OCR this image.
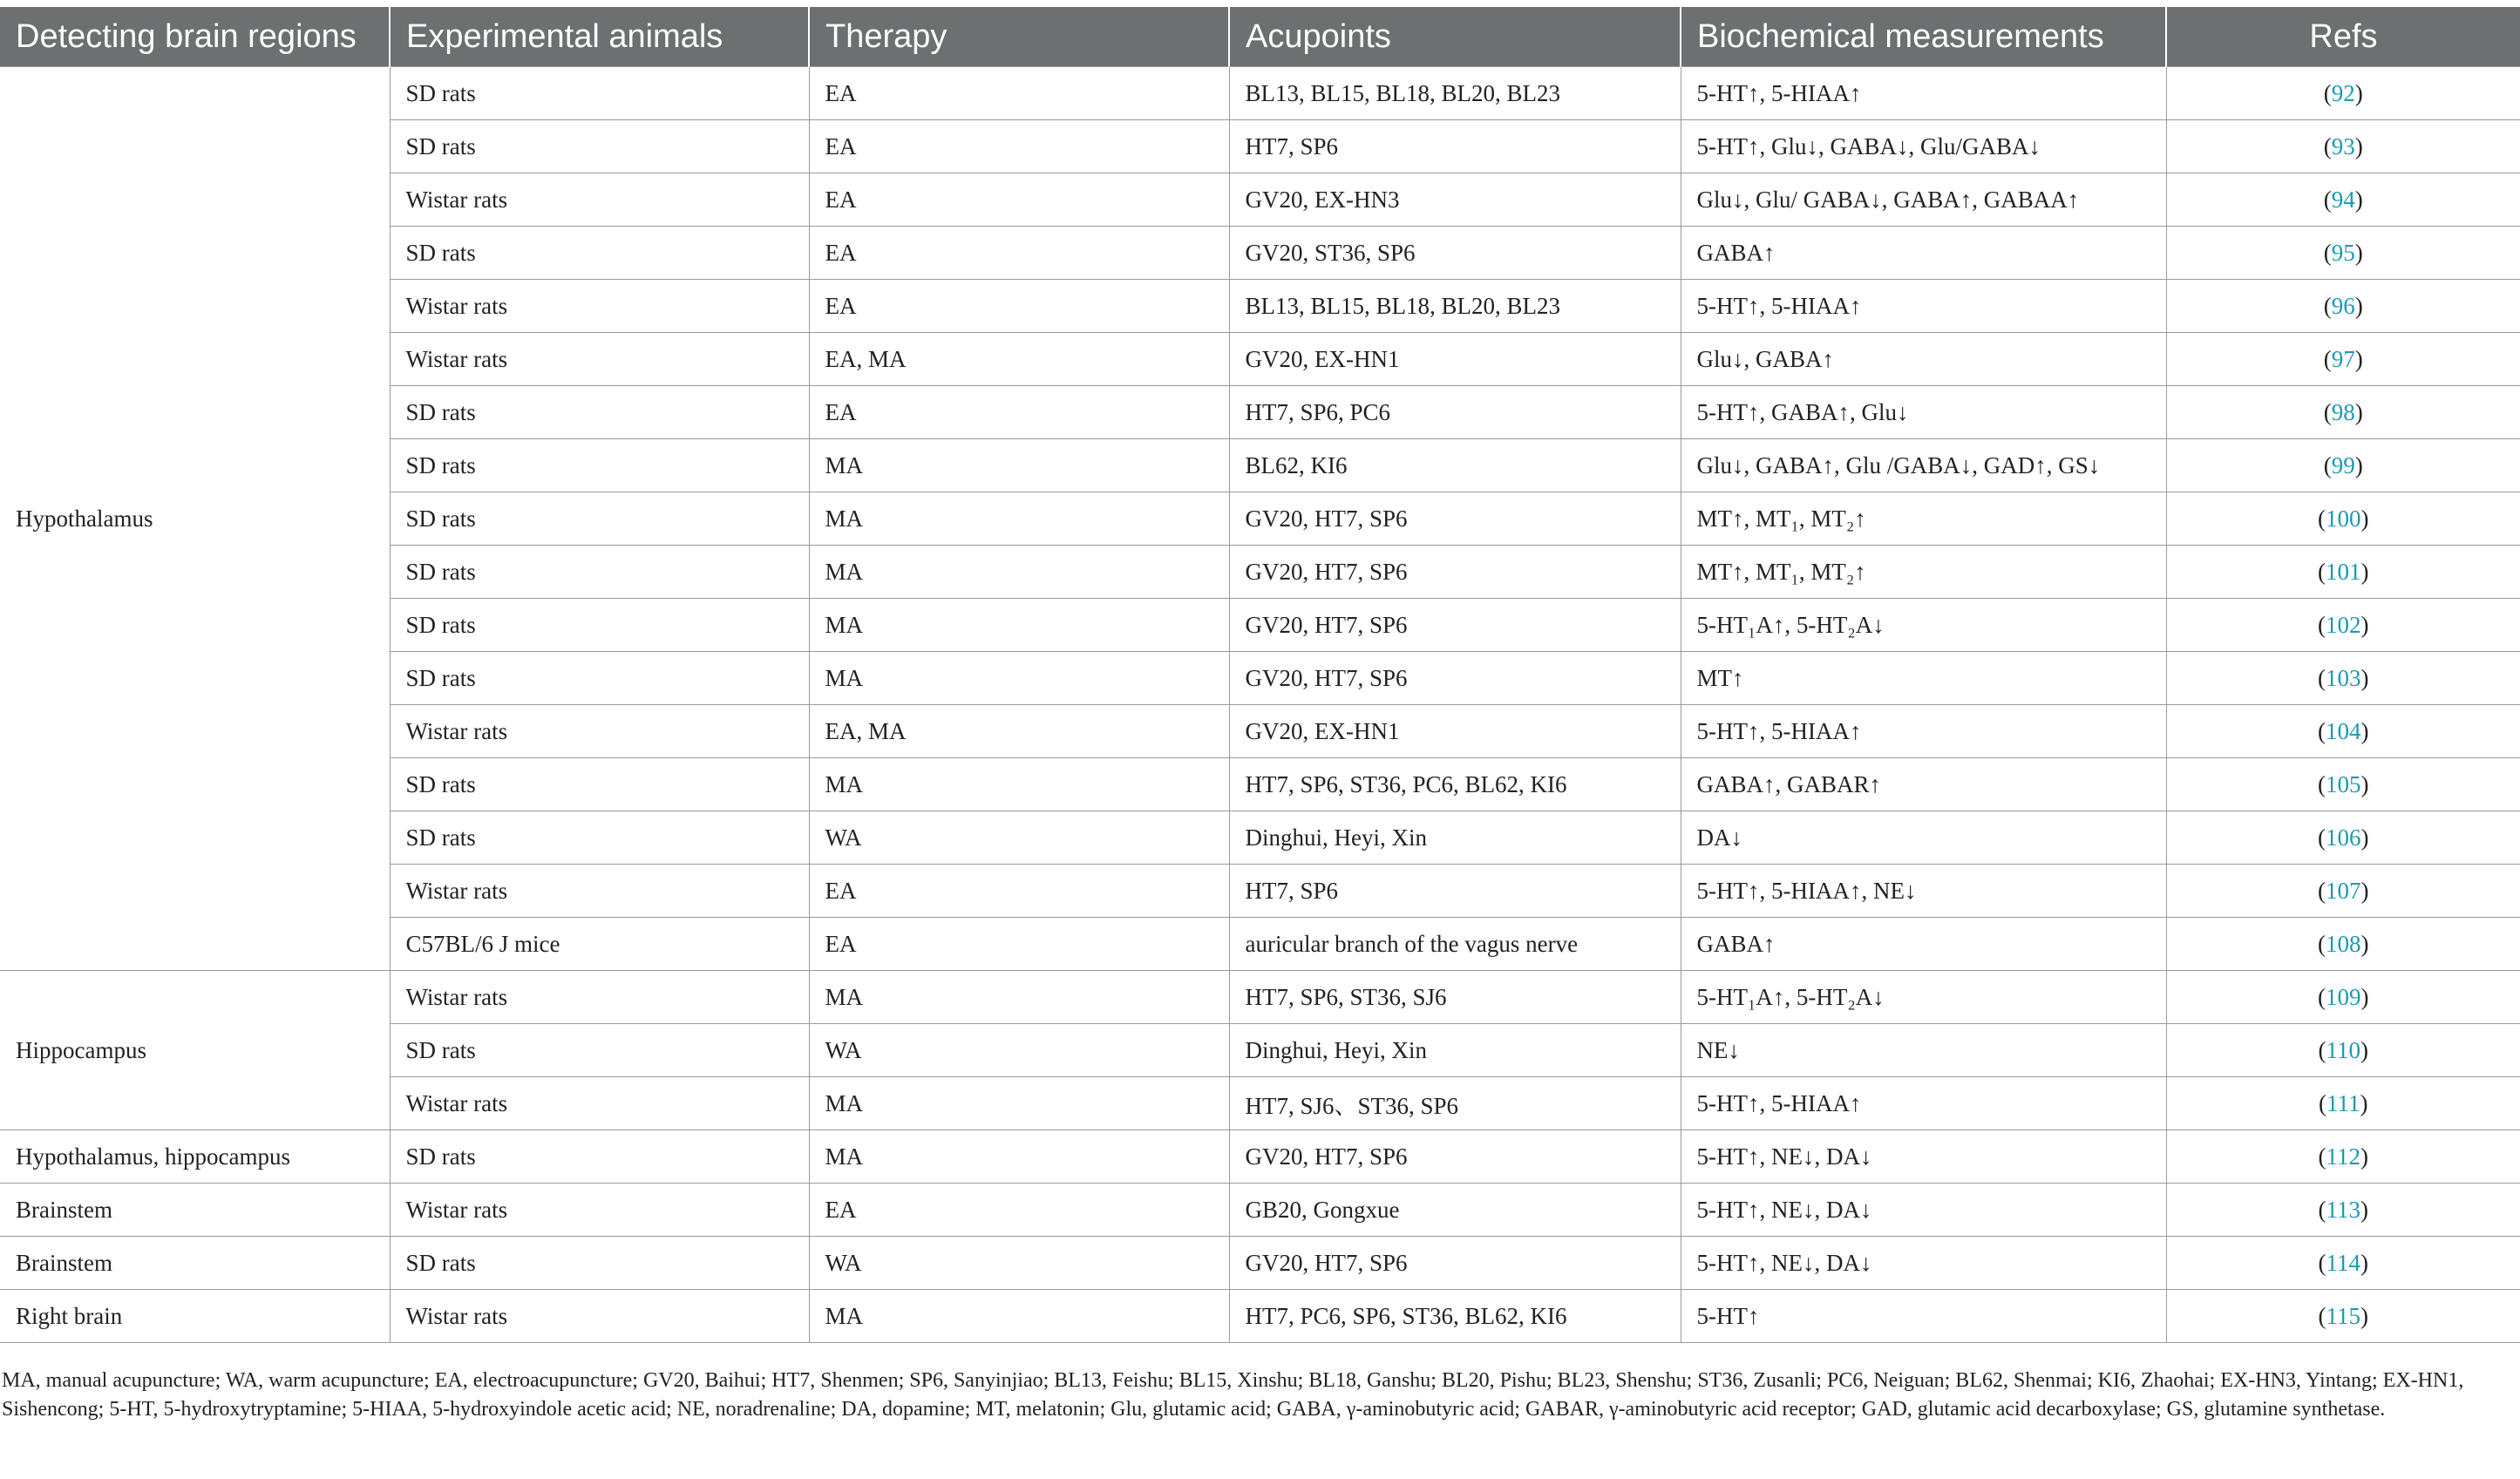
Detecting brain regions	Experimental animals	Therapy	Acupoints	Biochemical measurements	Refs
Hypothalamus	SD rats	EA	BL13, BL15, BL18, BL20, BL23	5-HT↑, 5-HIAA↑	(92)
	SD rats	EA	HT7, SP6	5-HT↑, Glu↓, GABA↓, Glu/GABA↓	(93)
	Wistar rats	EA	GV20, EX-HN3	Glu↓, Glu/ GABA↓, GABA↑, GABAA↑	(94)
	SD rats	EA	GV20, ST36, SP6	GABA↑	(95)
	Wistar rats	EA	BL13, BL15, BL18, BL20, BL23	5-HT↑, 5-HIAA↑	(96)
	Wistar rats	EA, MA	GV20, EX-HN1	Glu↓, GABA↑	(97)
	SD rats	EA	HT7, SP6, PC6	5-HT↑, GABA↑, Glu↓	(98)
	SD rats	MA	BL62, KI6	Glu↓, GABA↑, Glu /GABA↓, GAD↑, GS↓	(99)
	SD rats	MA	GV20, HT7, SP6	MT↑, MT₁, MT₂↑	(100)
	SD rats	MA	GV20, HT7, SP6	MT↑, MT₁, MT₂↑	(101)
	SD rats	MA	GV20, HT7, SP6	5-HT₁A↑, 5-HT₂A↓	(102)
	SD rats	MA	GV20, HT7, SP6	MT↑	(103)
	Wistar rats	EA, MA	GV20, EX-HN1	5-HT↑, 5-HIAA↑	(104)
	SD rats	MA	HT7, SP6, ST36, PC6, BL62, KI6	GABA↑, GABAR↑	(105)
	SD rats	WA	Dinghui, Heyi, Xin	DA↓	(106)
	Wistar rats	EA	HT7, SP6	5-HT↑, 5-HIAA↑, NE↓	(107)
	C57BL/6 J mice	EA	auricular branch of the vagus nerve	GABA↑	(108)
Hippocampus	Wistar rats	MA	HT7, SP6, ST36, SJ6	5-HT₁A↑, 5-HT₂A↓	(109)
	SD rats	WA	Dinghui, Heyi, Xin	NE↓	(110)
	Wistar rats	MA	HT7, SJ6、ST36, SP6	5-HT↑, 5-HIAA↑	(111)
Hypothalamus, hippocampus	SD rats	MA	GV20, HT7, SP6	5-HT↑, NE↓, DA↓	(112)
Brainstem	Wistar rats	EA	GB20, Gongxue	5-HT↑, NE↓, DA↓	(113)
Brainstem	SD rats	WA	GV20, HT7, SP6	5-HT↑, NE↓, DA↓	(114)
Right brain	Wistar rats	MA	HT7, PC6, SP6, ST36, BL62, KI6	5-HT↑	(115)
MA, manual acupuncture; WA, warm acupuncture; EA, electroacupuncture; GV20, Baihui; HT7, Shenmen; SP6, Sanyinjiao; BL13, Feishu; BL15, Xinshu; BL18, Ganshu; BL20, Pishu; BL23, Shenshu; ST36, Zusanli; PC6, Neiguan; BL62, Shenmai; KI6, Zhaohai; EX-HN3, Yintang; EX-HN1, Sishencong; 5-HT, 5-hydroxytryptamine; 5-HIAA, 5-hydroxyindole acetic acid; NE, noradrenaline; DA, dopamine; MT, melatonin; Glu, glutamic acid; GABA, γ-aminobutyric acid; GABAR, γ-aminobutyric acid receptor; GAD, glutamic acid decarboxylase; GS, glutamine synthetase.
